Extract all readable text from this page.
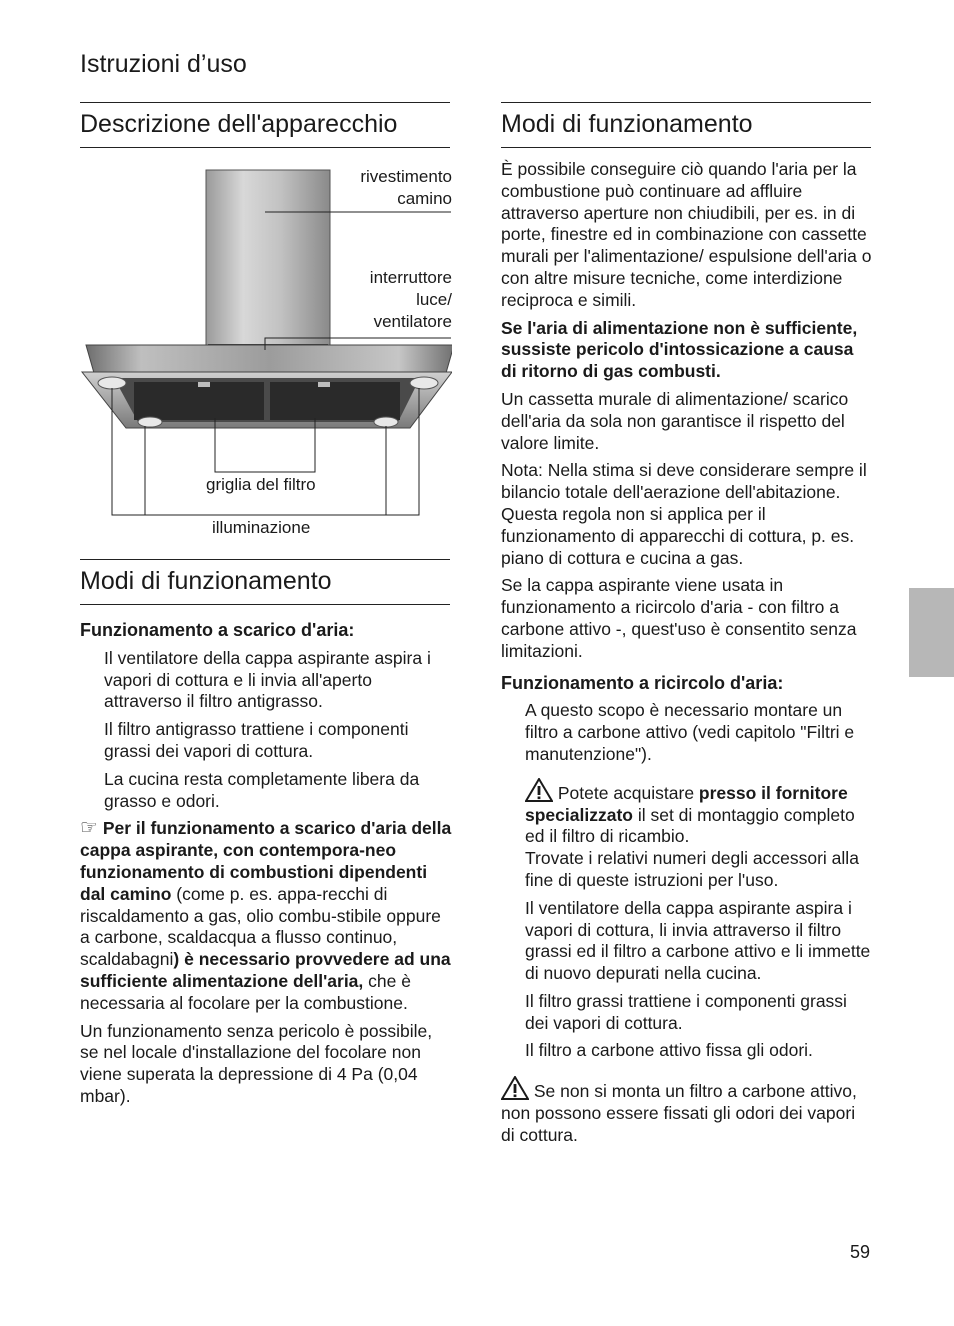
Istruzioni d’uso
Descrizione dell'apparecchio
rivestimento
camino
interruttore
luce/
ventilatore
griglia del filtro
illuminazione
Modi di funzionamento
Funzionamento a scarico d'aria:

Il ventilatore della cappa aspirante aspira i vapori di cottura e li invia all'aperto attraverso il filtro antigrasso.

Il filtro antigrasso trattiene i componenti grassi dei vapori di cottura.

La cucina resta completamente libera da grasso e odori.

☞ Per il funzionamento a scarico d'aria della cappa aspirante, con contempora-neo funzionamento di combustioni dipendenti dal camino (come p. es. appa-recchi di riscaldamento a gas, olio combu-stibile oppure a carbone, scaldacqua a flusso continuo, scaldabagni) è necessario provvedere ad una sufficiente alimentazione dell'aria, che è necessaria al focolare per la combustione.

Un funzionamento senza pericolo è possibile, se nel locale d'installazione del focolare non viene superata la depressione di 4 Pa (0,04 mbar).

Modi di funzionamento

È possibile conseguire ciò quando l'aria per la combustione può continuare ad affluire attraverso aperture non chiudibili, per es. in di porte, finestre ed in combinazione con cassette murali per l'alimentazione/ espulsione dell'aria o con altre misure tecniche, come interdizione reciproca e simili.

Se l'aria di alimentazione non è sufficiente, sussiste pericolo d'intossicazione a causa di ritorno di gas combusti.

Un cassetta murale di alimentazione/ scarico dell'aria da sola non garantisce il rispetto del valore limite.

Nota: Nella stima si deve considerare sempre il bilancio totale dell'aerazione dell'abitazione. Questa regola non si applica per il funzionamento di apparecchi di cottura, p. es. piano di cottura e cucina a gas.

Se la cappa aspirante viene usata in funzionamento a ricircolo d'aria - con filtro a carbone attivo -, quest'uso è consentito senza limitazioni.

Funzionamento a ricircolo d'aria:

A questo scopo è necessario montare un filtro a carbone attivo (vedi capitolo "Filtri e manutenzione").

Potete acquistare presso il fornitore specializzato il set di montaggio completo ed il filtro di ricambio.

Trovate i relativi numeri degli accessori alla fine di queste istruzioni per l'uso.

Il ventilatore della cappa aspirante aspira i vapori di cottura, li invia attraverso il filtro grassi ed il filtro a carbone attivo e li immette di nuovo depurati nella cucina.

Il filtro grassi trattiene i componenti grassi dei vapori di cottura.

Il filtro a carbone attivo fissa gli odori.

Se non si monta un filtro a carbone attivo, non possono essere fissati gli odori dei vapori di cottura.

59
